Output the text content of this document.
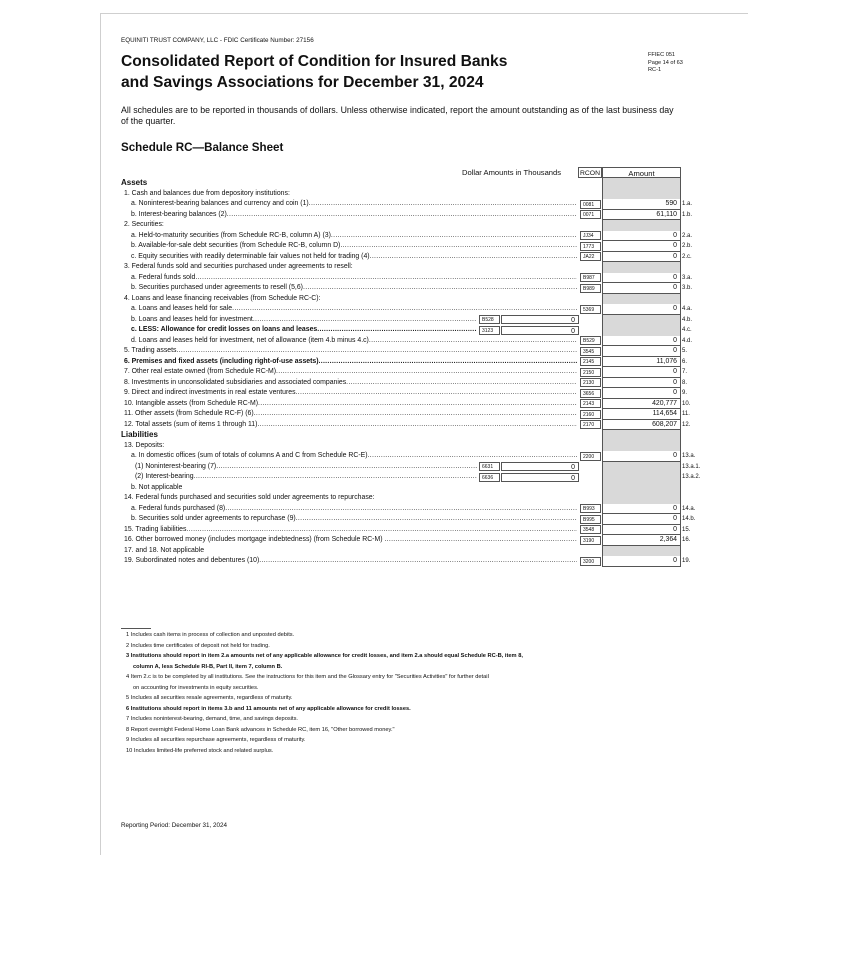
EQUINITI TRUST COMPANY, LLC - FDIC Certificate Number: 27156
Consolidated Report of Condition for Insured Banks
and Savings Associations for December 31, 2024
FFIEC 051
Page 14 of 63
RC-1
All schedules are to be reported in thousands of dollars. Unless otherwise indicated, report the amount outstanding as of the last business day of the quarter.
Schedule RC—Balance Sheet
Dollar Amounts in Thousands	RCON	Amount
Assets
1. Cash and balances due from depository institutions:
a. Noninterest-bearing balances and currency and coin (1) .....	0081	590 1.a.
b. Interest-bearing balances (2) .....	0071	61,110 1.b.
2. Securities:
a. Held-to-maturity securities (from Schedule RC-B, column A) (3) .....	JJ34	0 2.a.
b. Available-for-sale debt securities (from Schedule RC-B, column D) .....	1773	0 2.b.
c. Equity securities with readily determinable fair values not held for trading (4) .....	JA22	0 2.c.
3. Federal funds sold and securities purchased under agreements to resell:
a. Federal funds sold .....	B987	0 3.a.
b. Securities purchased under agreements to resell (5,6) .....	B989	0 3.b.
4. Loans and lease financing receivables (from Schedule RC-C):
a. Loans and leases held for sale .....	5369	0 4.a.
b. Loans and leases held for investment .....	B528	0	4.b.
c. LESS: Allowance for credit losses on loans and leases .....	3123	0	4.c.
d. Loans and leases held for investment, net of allowance (item 4.b minus 4.c) .....	B529	0 4.d.
5. Trading assets .....	3545	0 5.
6. Premises and fixed assets (including right-of-use assets) .....	2145	11,076 6.
7. Other real estate owned (from Schedule RC-M) .....	2150	0 7.
8. Investments in unconsolidated subsidiaries and associated companies .....	2130	0 8.
9. Direct and indirect investments in real estate ventures .....	3656	0 9.
10. Intangible assets (from Schedule RC-M) .....	2143	420,777 10.
11. Other assets (from Schedule RC-F) (6) .....	2160	114,654 11.
12. Total assets (sum of items 1 through 11) .....	2170	608,207 12.
Liabilities
13. Deposits:
a. In domestic offices (sum of totals of columns A and C from Schedule RC-E) .....	2200	0 13.a.
(1) Noninterest-bearing (7) .....	6631	0	13.a.1.
(2) Interest-bearing .....	6636	0	13.a.2.
b. Not applicable
14. Federal funds purchased and securities sold under agreements to repurchase:
a. Federal funds purchased (8) .....	B993	0 14.a.
b. Securities sold under agreements to repurchase (9) .....	B995	0 14.b.
15. Trading liabilities .....	3548	0 15.
16. Other borrowed money (includes mortgage indebtedness) (from Schedule RC-M) .....	3190	2,364 16.
17. and 18. Not applicable
19. Subordinated notes and debentures (10) .....	3200	0 19.
1 Includes cash items in process of collection and unposted debits.
2 Includes time certificates of deposit not held for trading.
3 Institutions should report in item 2.a amounts net of any applicable allowance for credit losses, and item 2.a should equal Schedule RC-B, item 8,
column A, less Schedule RI-B, Part II, item 7, column B.
4 Item 2.c is to be completed by all institutions. See the instructions for this item and the Glossary entry for "Securities Activities" for further detail
on accounting for investments in equity securities.
5 Includes all securities resale agreements, regardless of maturity.
6 Institutions should report in items 3.b and 11 amounts net of any applicable allowance for credit losses.
7 Includes noninterest-bearing, demand, time, and savings deposits.
8 Report overnight Federal Home Loan Bank advances in Schedule RC, item 16, "Other borrowed money."
9 Includes all securities repurchase agreements, regardless of maturity.
10 Includes limited-life preferred stock and related surplus.
Reporting Period: December 31, 2024
